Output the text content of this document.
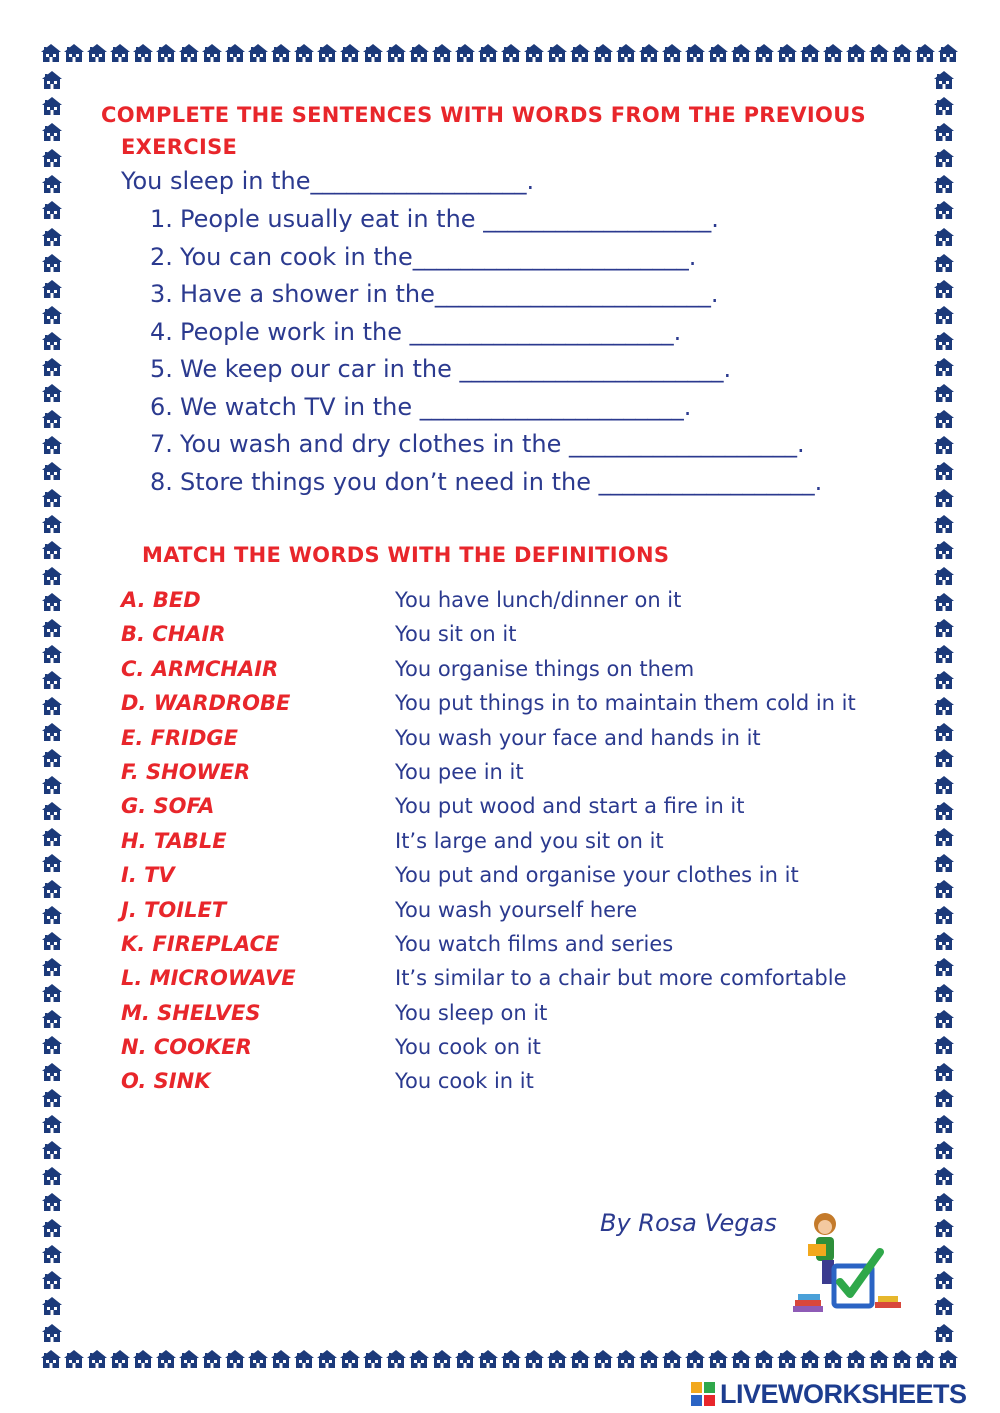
COMPLETE THE SENTENCES WITH WORDS FROM THE PREVIOUS
EXERCISE
You sleep in the__________________.
1. People usually eat in the ___________________.
2. You can cook in the_______________________.
3. Have a shower in the_______________________.
4. People work in the ______________________.
5. We keep our car in the ______________________.
6. We watch TV in the ______________________.
7. You wash and dry clothes in the ___________________.
8. Store things you don’t need in the __________________.
MATCH THE WORDS WITH THE DEFINITIONS
A. BED	You have lunch/dinner on it
B. CHAIR	You sit on it
C. ARMCHAIR	You organise things on them
D. WARDROBE	You put things in to maintain them cold in it
E. FRIDGE	You wash your face and hands in it
F. SHOWER	You pee in it
G. SOFA	You put wood and start a fire in it
H. TABLE	It’s large and you sit on it
I. TV	You put and organise your clothes in it
J. TOILET	You wash yourself here
K. FIREPLACE	You watch films and series
L. MICROWAVE	It’s similar to a chair but more comfortable
M. SHELVES	You sleep on it
N. COOKER	You cook on it
O. SINK	You cook in it
By Rosa Vegas
LIVEWORKSHEETS
